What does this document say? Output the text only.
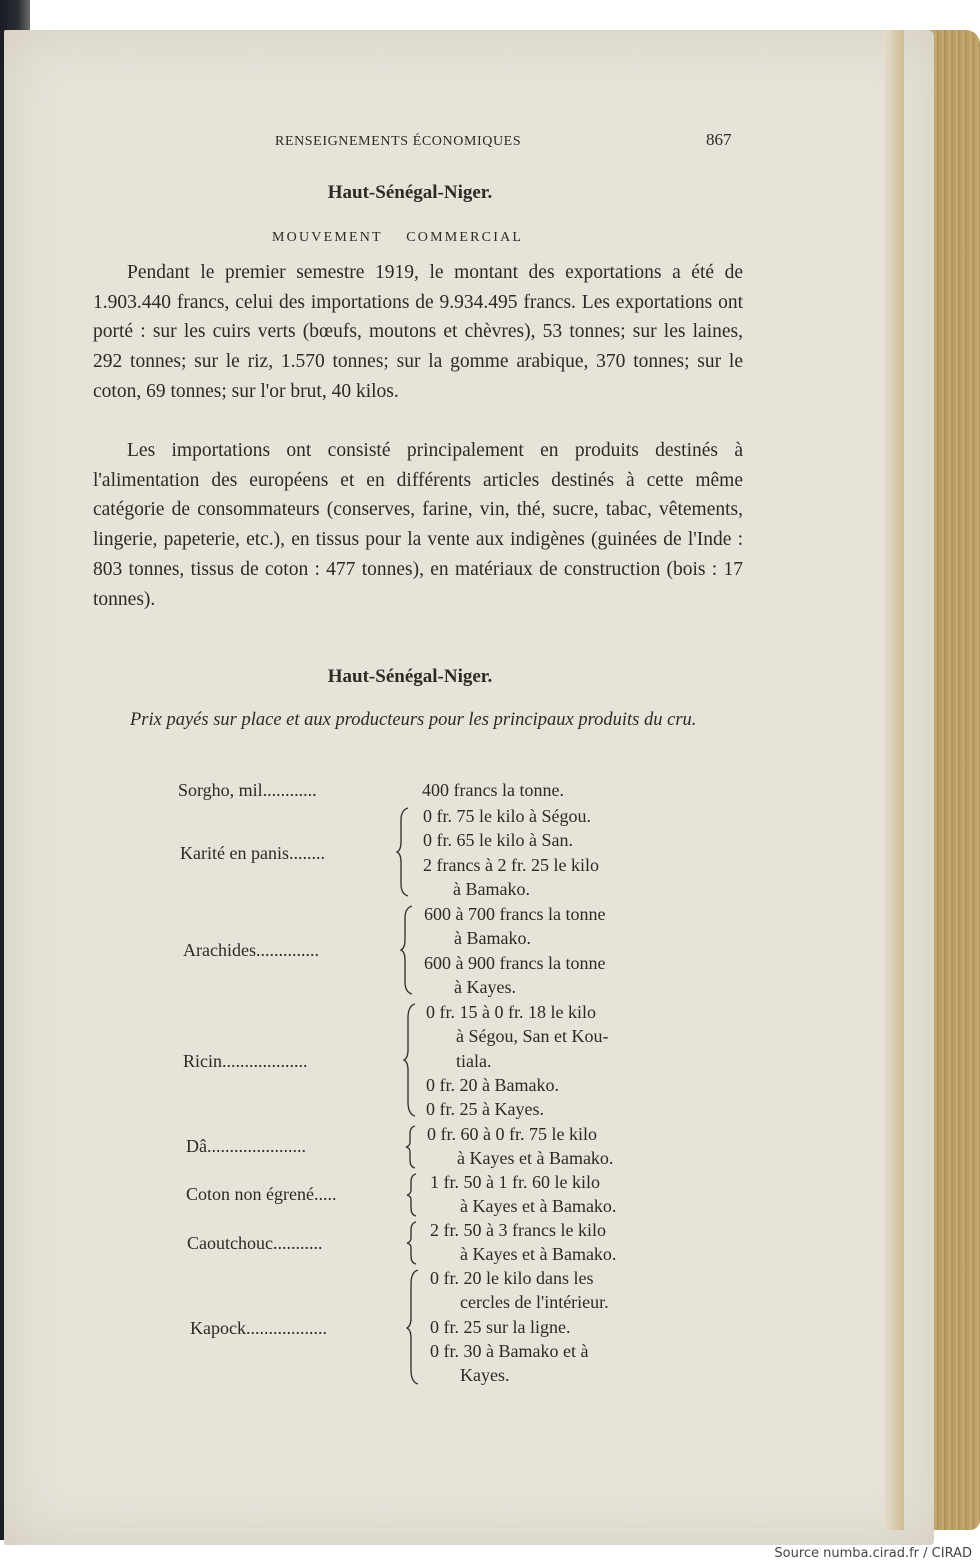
RENSEIGNEMENTS ÉCONOMIQUES	867
Haut-Sénégal-Niger.
MOUVEMENT COMMERCIAL

Pendant le premier semestre 1919, le montant des exportations a été de 1.903.440 francs, celui des importations de 9.934.495 francs. Les exportations ont porté : sur les cuirs verts (bœufs, moutons et chèvres), 53 tonnes; sur les laines, 292 tonnes; sur le riz, 1.570 tonnes; sur la gomme arabique, 370 tonnes; sur le coton, 69 tonnes; sur l'or brut, 40 kilos.

Les importations ont consisté principalement en produits destinés à l'alimentation des européens et en différents articles destinés à cette même catégorie de consommateurs (conserves, farine, vin, thé, sucre, tabac, vêtements, lingerie, papeterie, etc.), en tissus pour la vente aux indigènes (guinées de l'Inde : 803 tonnes, tissus de coton : 477 tonnes), en matériaux de construction (bois : 17 tonnes).

Haut-Sénégal-Niger.

Prix payés sur place et aux producteurs pour les principaux produits du cru.

Sorgho, mil............	400 francs la tonne.
Karité en panis........
0 fr. 75 le kilo à Ségou.
0 fr. 65 le kilo à San.
2 francs à 2 fr. 25 le kilo
à Bamako.
Arachides..............
600 à 700 francs la tonne
à Bamako.
600 à 900 francs la tonne
à Kayes.
Ricin...................
0 fr. 15 à 0 fr. 18 le kilo
à Ségou, San et Kou-
tiala.
0 fr. 20 à Bamako.
0 fr. 25 à Kayes.
Dâ......................
0 fr. 60 à 0 fr. 75 le kilo
à Kayes et à Bamako.
Coton non égrené.....
1 fr. 50 à 1 fr. 60 le kilo
à Kayes et à Bamako.
Caoutchouc...........
2 fr. 50 à 3 francs le kilo
à Kayes et à Bamako.
Kapock..................
0 fr. 20 le kilo dans les
cercles de l'intérieur.
0 fr. 25 sur la ligne.
0 fr. 30 à Bamako et à
Kayes.
Source numba.cirad.fr / CIRAD
